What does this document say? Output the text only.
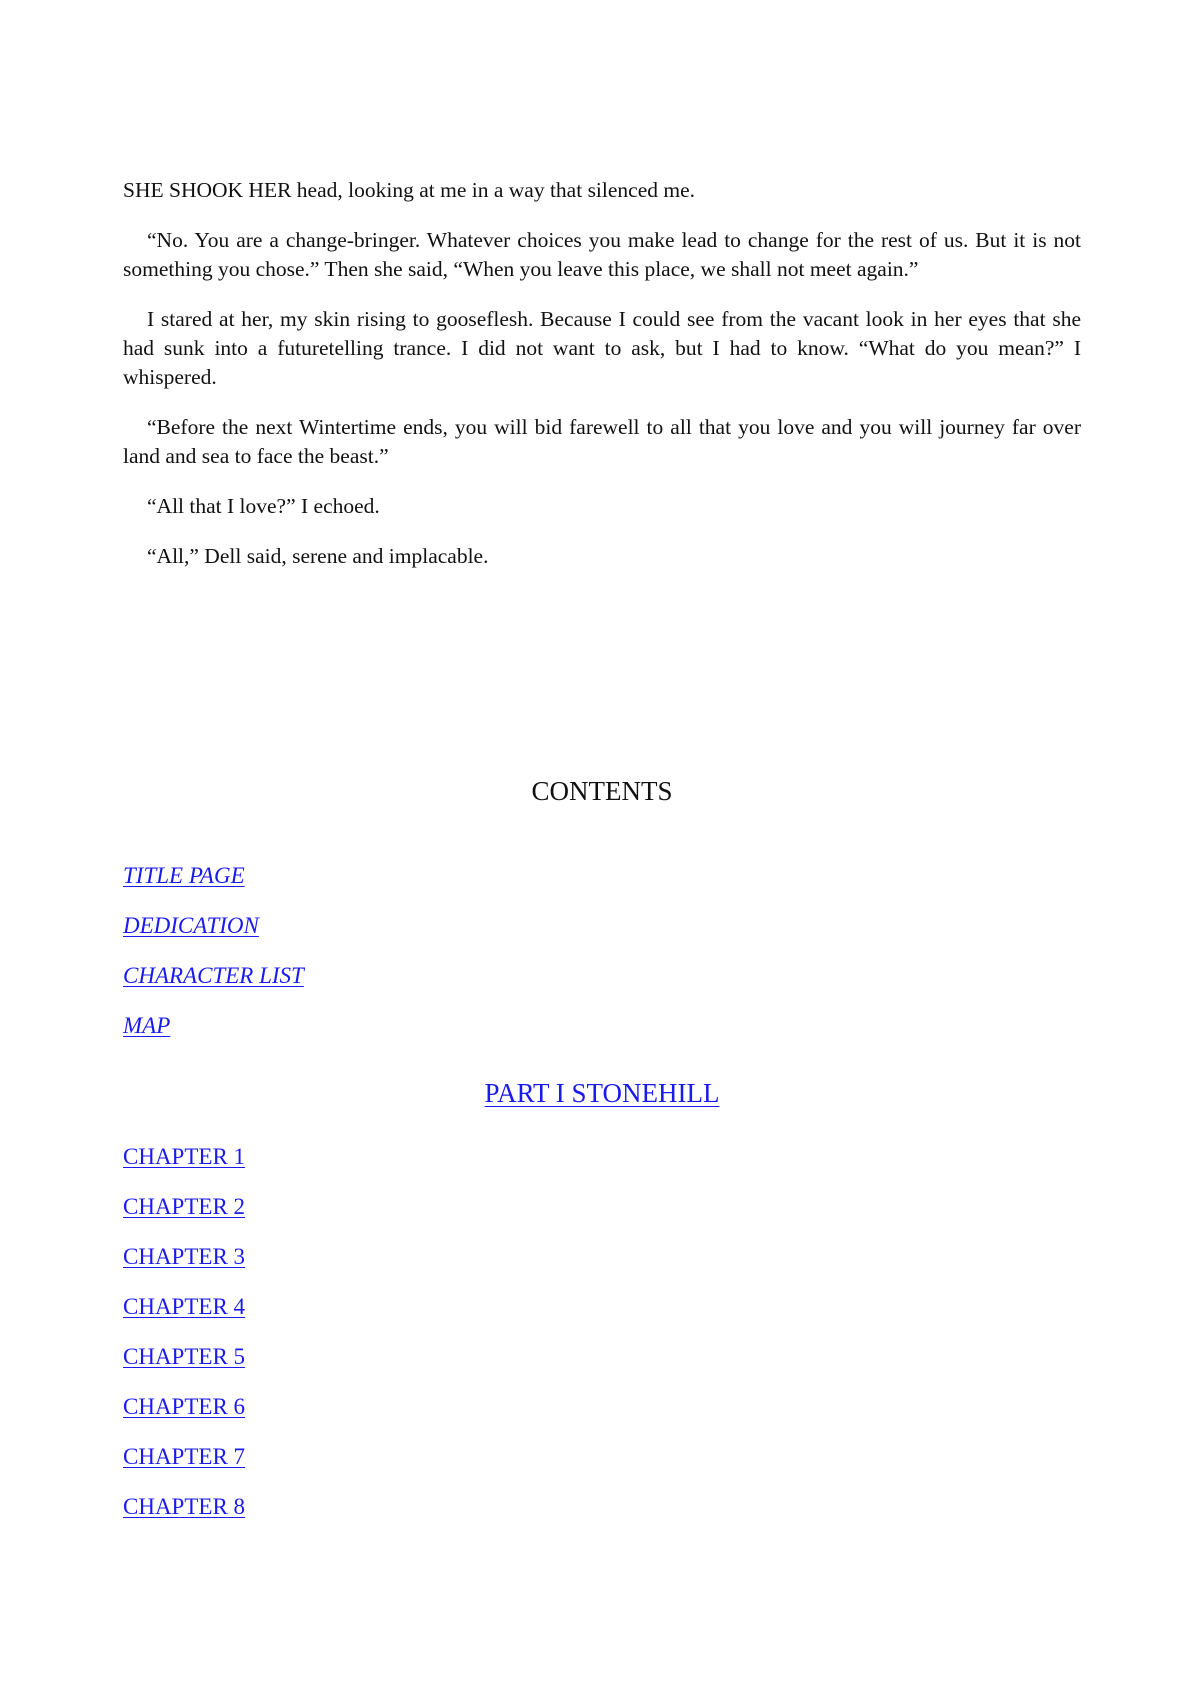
SHE SHOOK HER head, looking at me in a way that silenced me.

“No. You are a change-bringer. Whatever choices you make lead to change for the rest of us. But it is not something you chose.” Then she said, “When you leave this place, we shall not meet again.”

I stared at her, my skin rising to gooseflesh. Because I could see from the vacant look in her eyes that she had sunk into a futuretelling trance. I did not want to ask, but I had to know. “What do you mean?” I whispered.

“Before the next Wintertime ends, you will bid farewell to all that you love and you will journey far over land and sea to face the beast.”

“All that I love?” I echoed.

“All,” Dell said, serene and implacable.

CONTENTS
TITLE PAGE
DEDICATION
CHARACTER LIST
MAP
PART I STONEHILL
CHAPTER 1
CHAPTER 2
CHAPTER 3
CHAPTER 4
CHAPTER 5
CHAPTER 6
CHAPTER 7
CHAPTER 8
